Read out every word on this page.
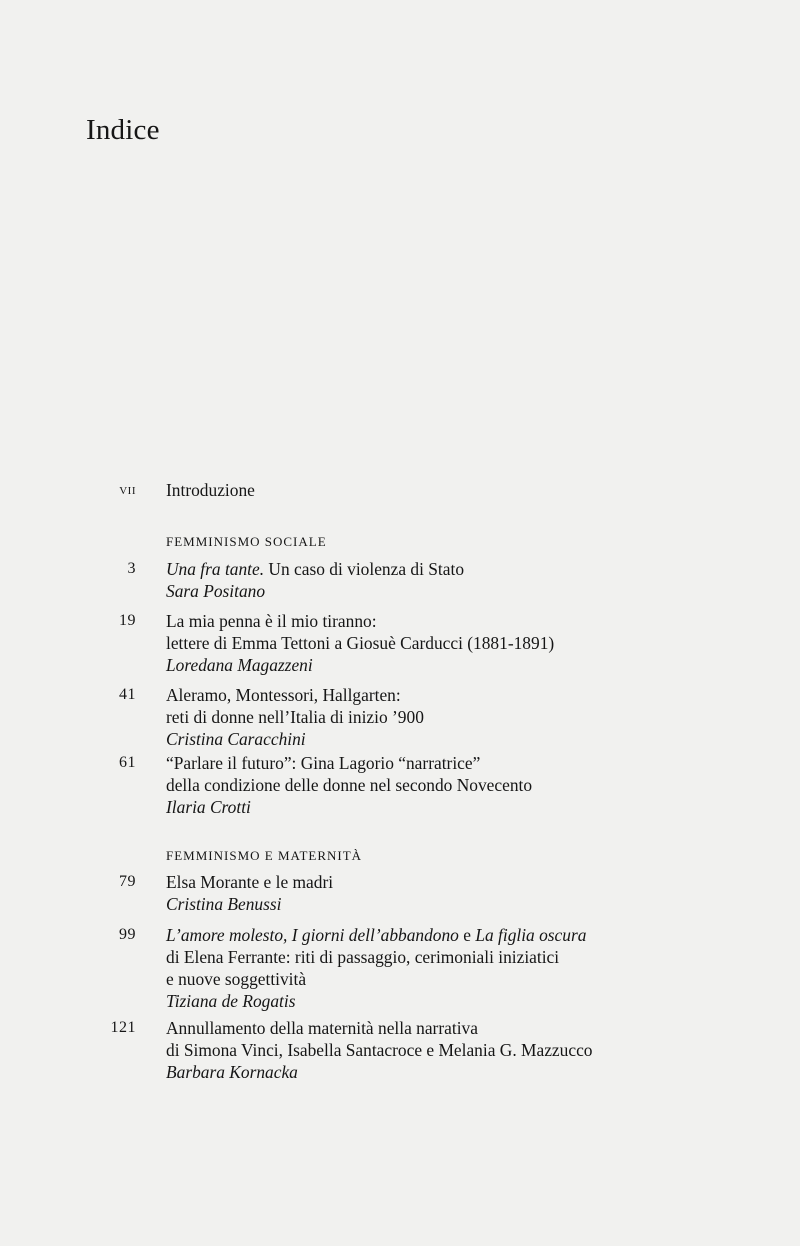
Indice
vii Introduzione
FEMMINISMO SOCIALE
3 Una fra tante. Un caso di violenza di Stato
Sara Positano
19 La mia penna è il mio tiranno:
lettere di Emma Tettoni a Giosuè Carducci (1881-1891)
Loredana Magazzeni
41 Aleramo, Montessori, Hallgarten:
reti di donne nell’Italia di inizio ’900
Cristina Caracchini
61 “Parlare il futuro”: Gina Lagorio “narratrice”
della condizione delle donne nel secondo Novecento
Ilaria Crotti
FEMMINISMO E MATERNITÀ
79 Elsa Morante e le madri
Cristina Benussi
99 L’amore molesto, I giorni dell’abbandono e La figlia oscura
di Elena Ferrante: riti di passaggio, cerimoniali iniziatici
e nuove soggettività
Tiziana de Rogatis
121 Annullamento della maternità nella narrativa
di Simona Vinci, Isabella Santacroce e Melania G. Mazzucco
Barbara Kornacka
